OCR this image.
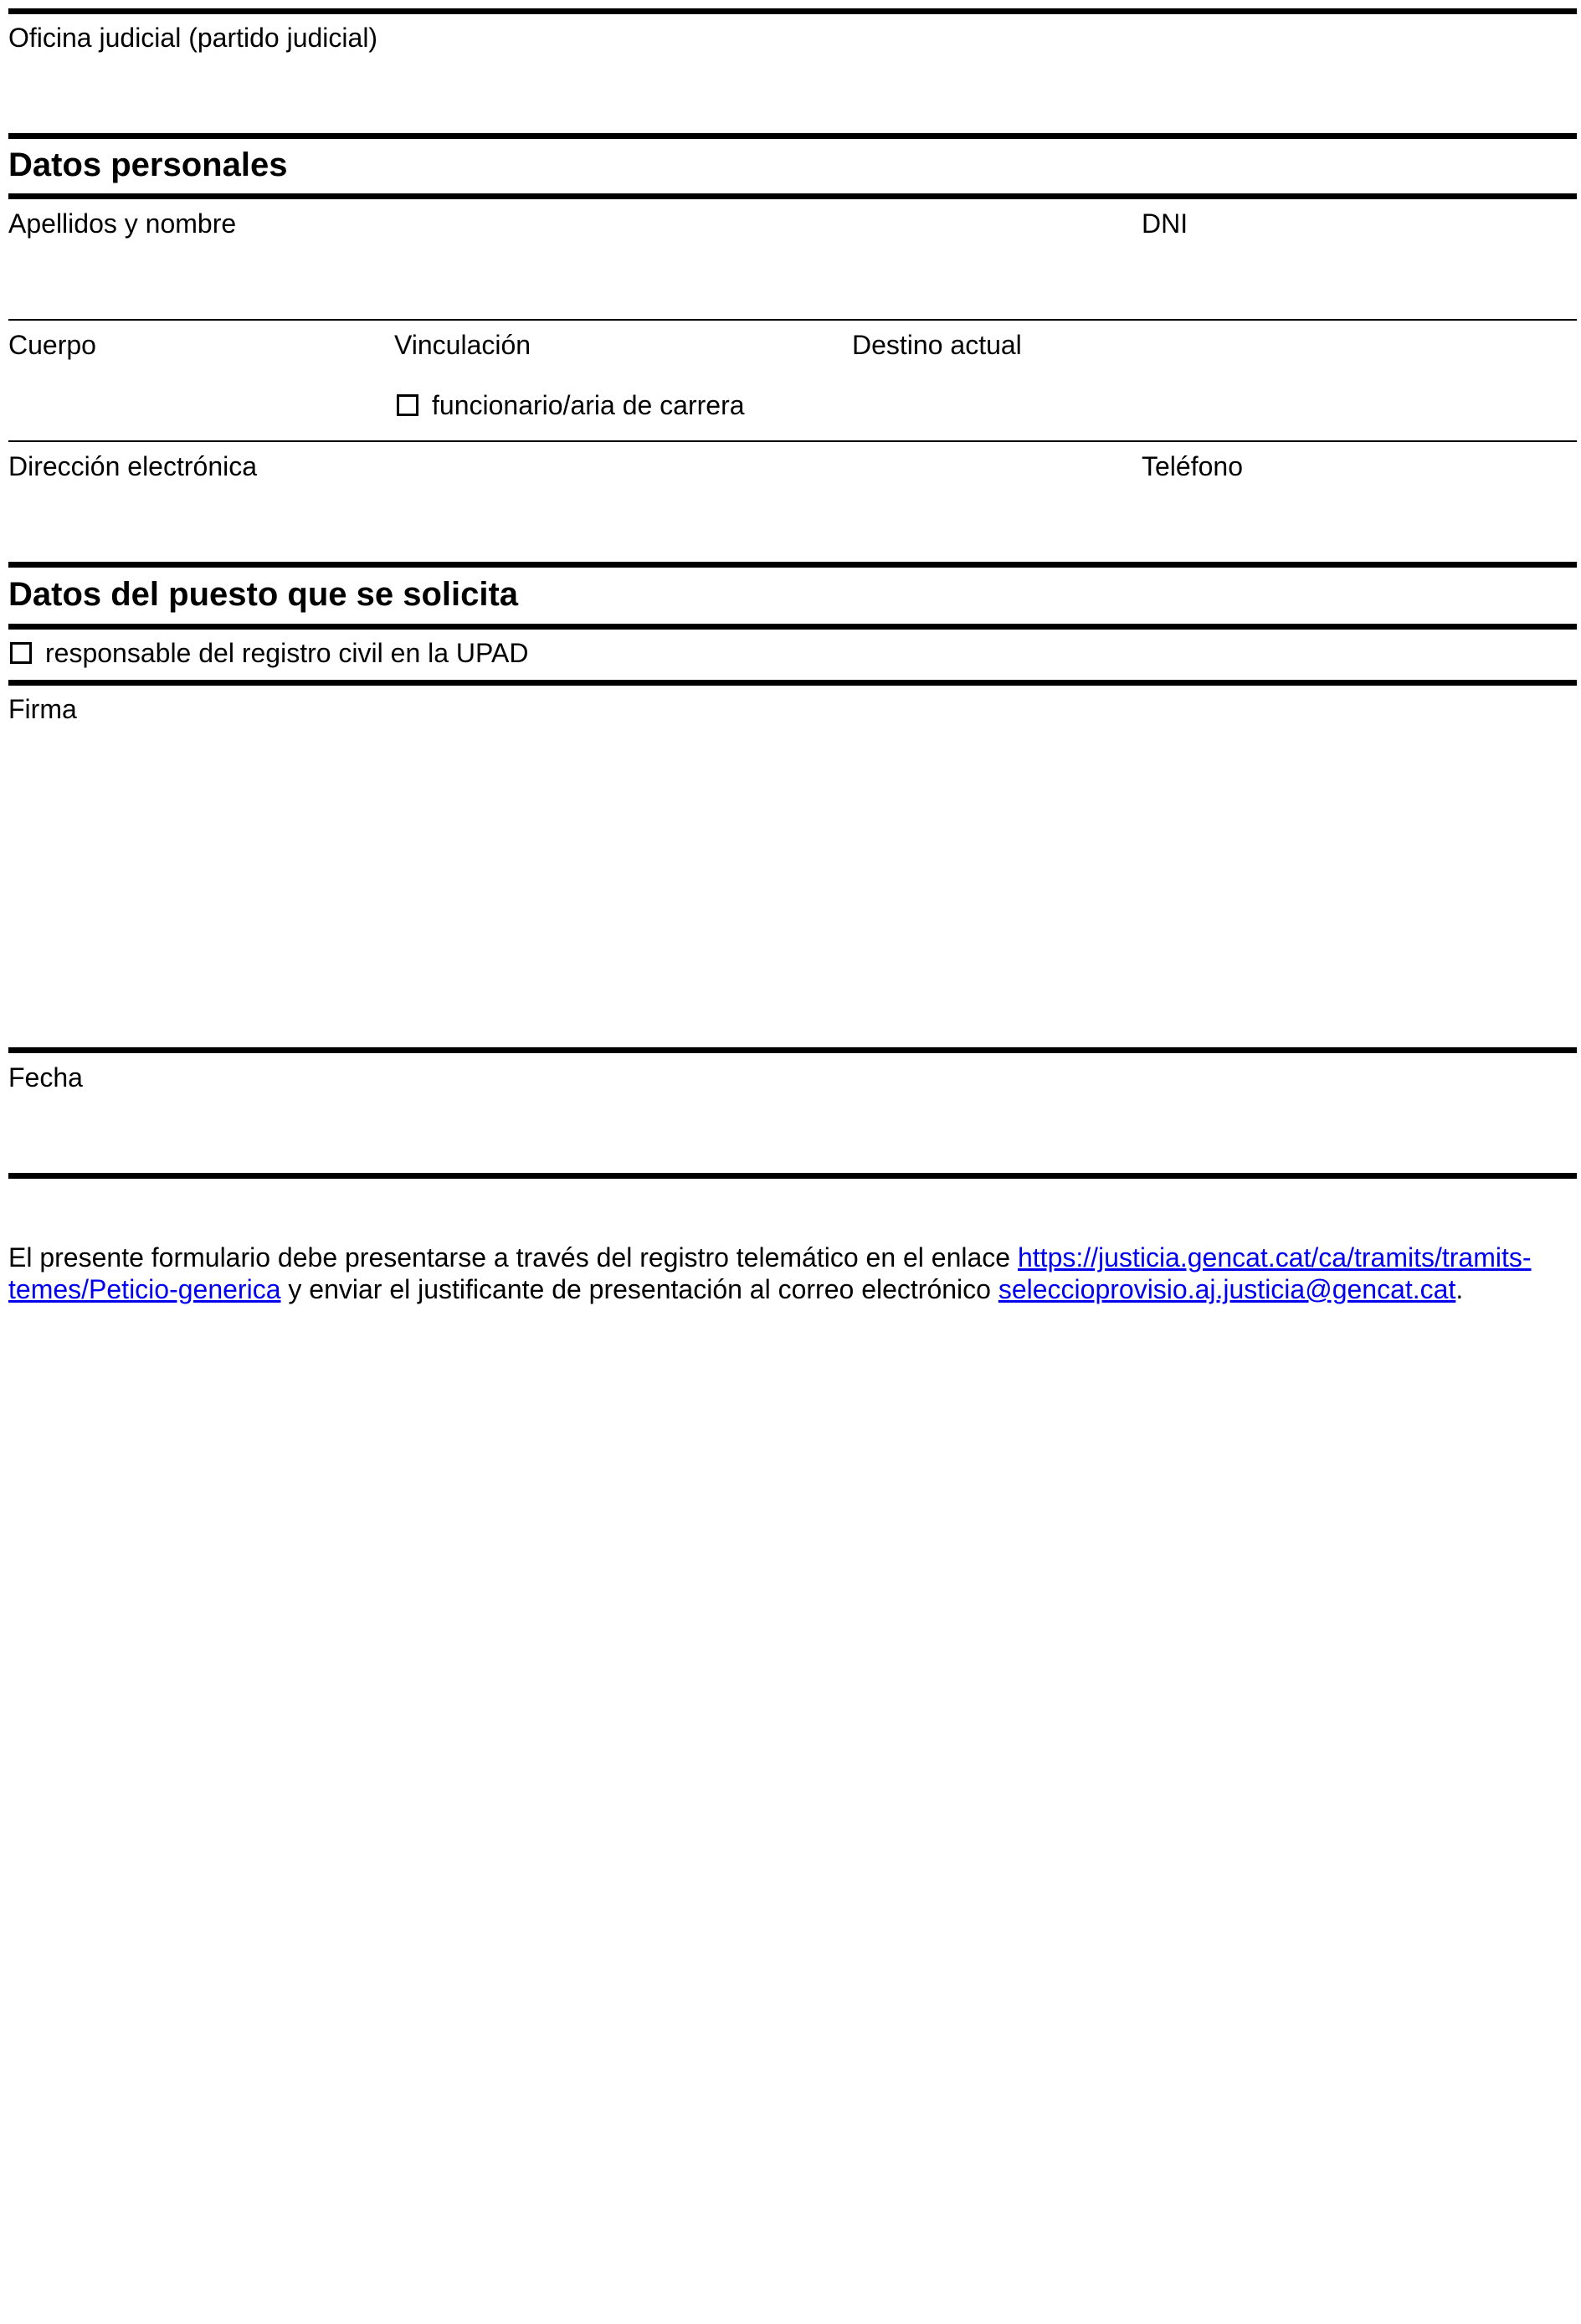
Oficina judicial (partido judicial)
Datos personales
Apellidos y nombre	DNI
Cuerpo	Vinculación	Destino actual
funcionario/aria de carrera
Dirección electrónica	Teléfono
Datos del puesto que se solicita
responsable del registro civil en la UPAD
Firma
Fecha
El presente formulario debe presentarse a través del registro telemático en el enlace https://justicia.gencat.cat/ca/tramits/tramits-temes/Peticio-generica y enviar el justificante de presentación al correo electrónico seleccioprovisio.aj.justicia@gencat.cat.
